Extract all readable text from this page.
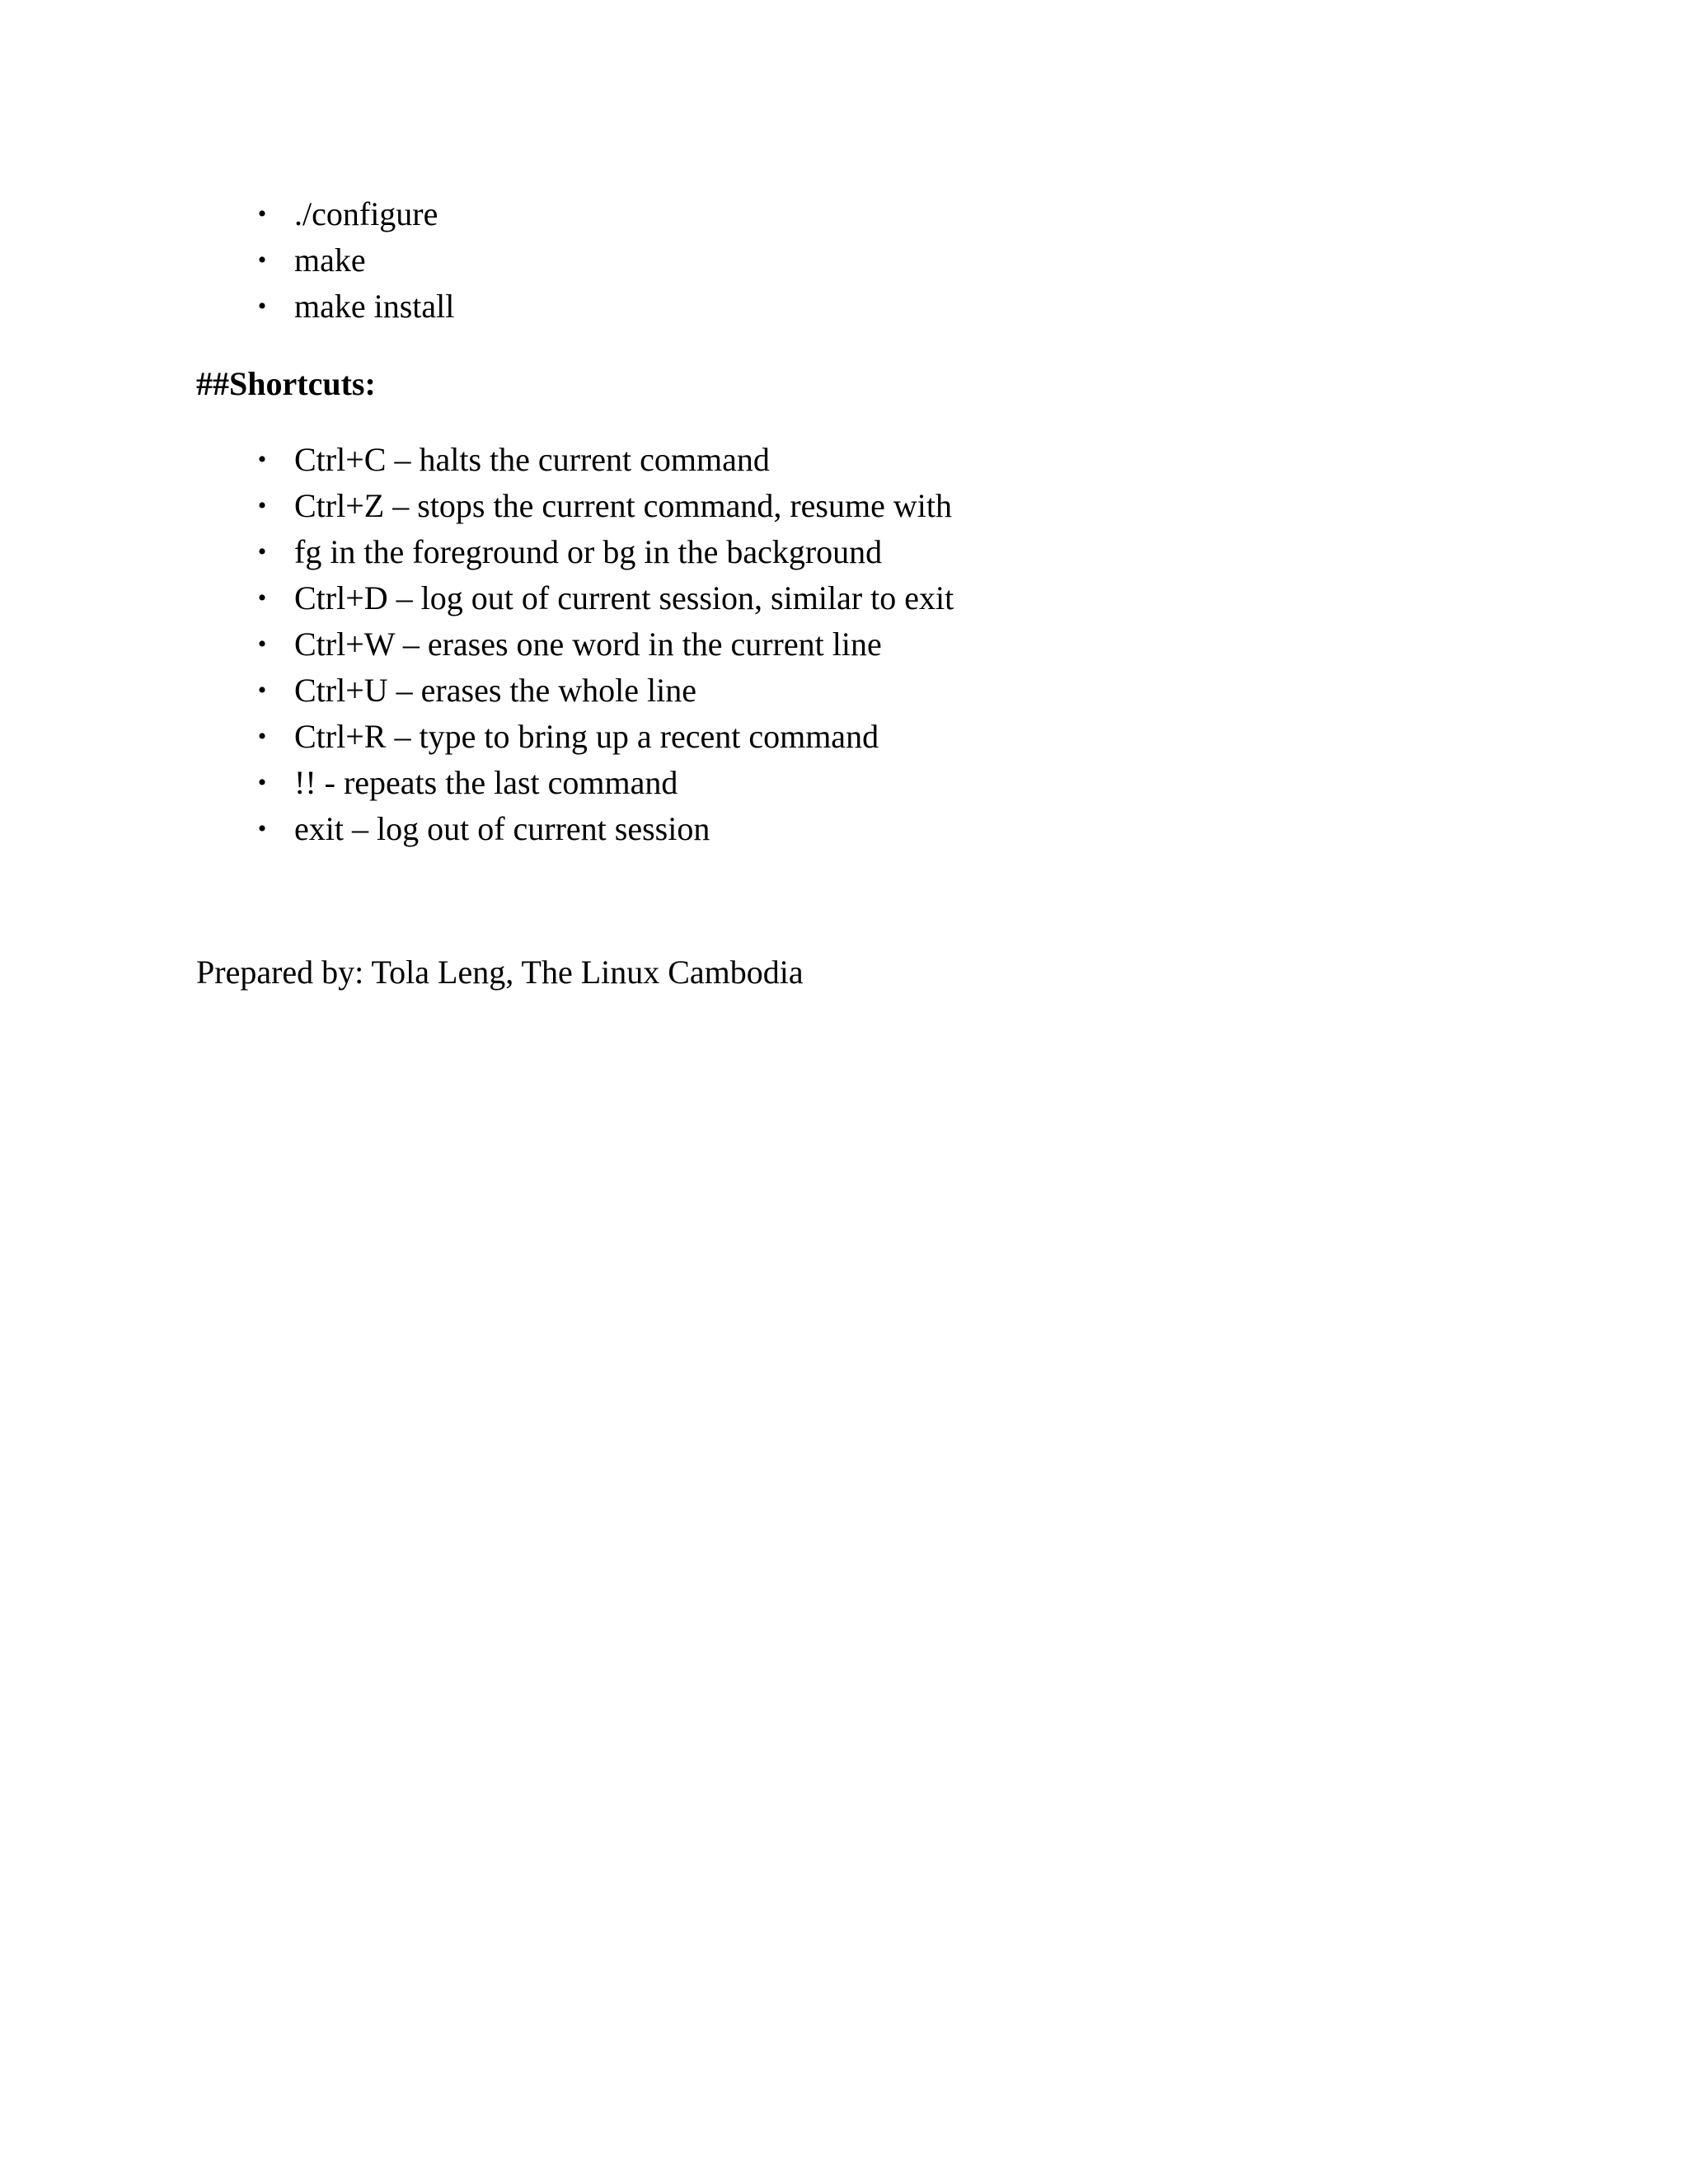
• ./configure
• make
• make install
##Shortcuts:
• Ctrl+C – halts the current command
• Ctrl+Z – stops the current command, resume with
• fg in the foreground or bg in the background
• Ctrl+D – log out of current session, similar to exit
• Ctrl+W – erases one word in the current line
• Ctrl+U – erases the whole line
• Ctrl+R – type to bring up a recent command
• !! - repeats the last command
• exit – log out of current session

Prepared by: Tola Leng, The Linux Cambodia
